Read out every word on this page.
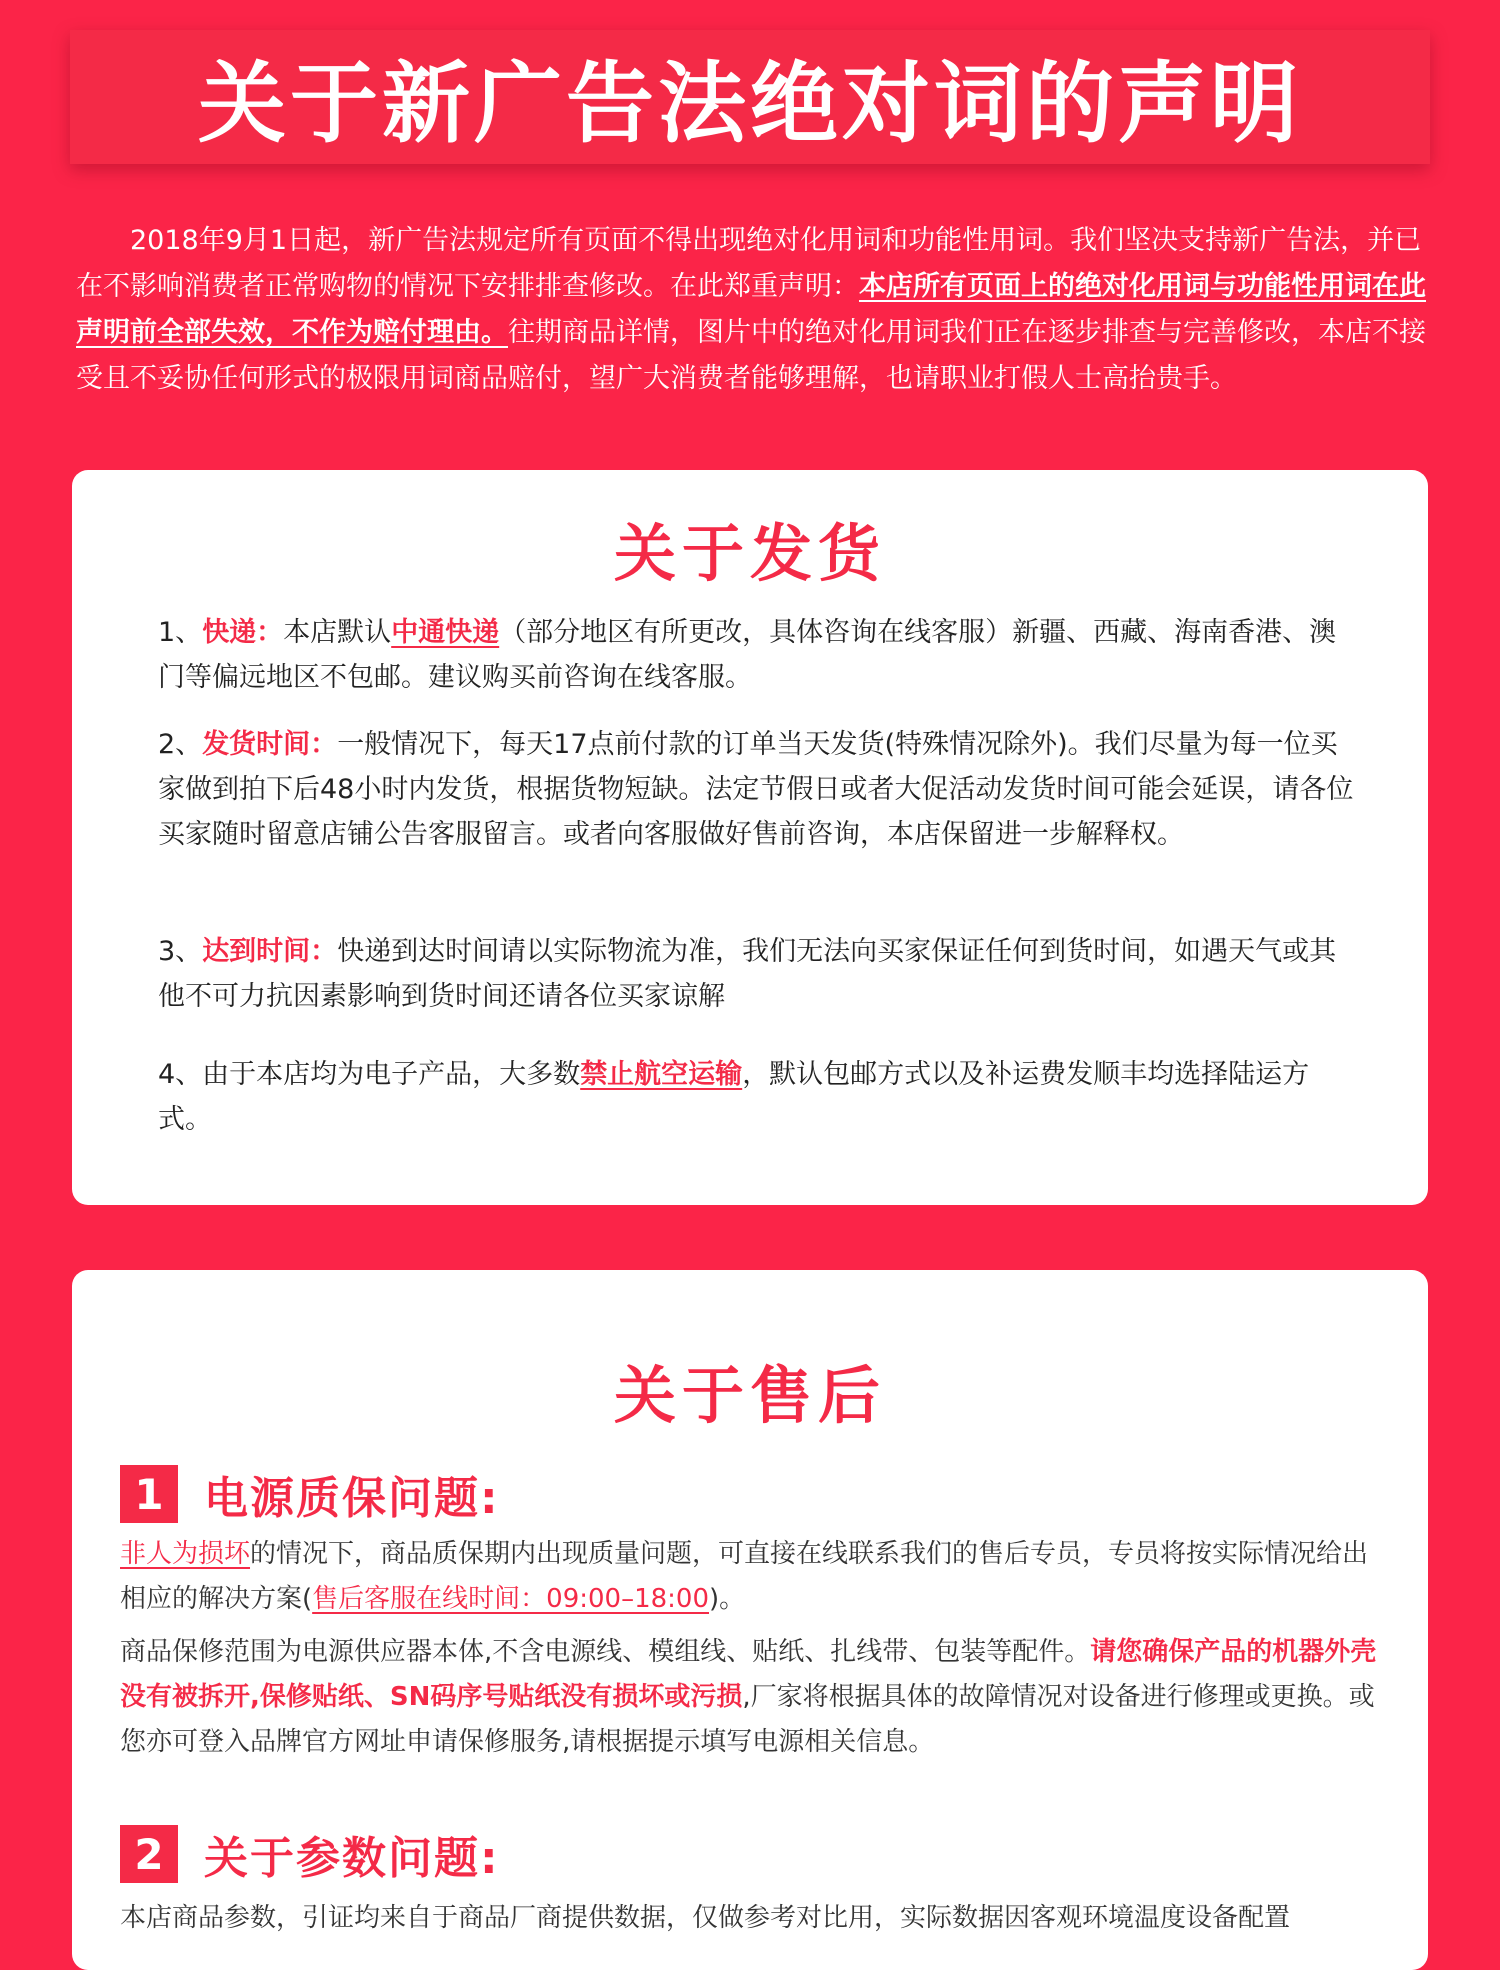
关于新广告法绝对词的声明
2018年9月1日起，新广告法规定所有页面不得出现绝对化用词和功能性用词。我们坚决支持新广告法，并已在不影响消费者正常购物的情况下安排排查修改。在此郑重声明：本店所有页面上的绝对化用词与功能性用词在此声明前全部失效，不作为赔付理由。往期商品详情，图片中的绝对化用词我们正在逐步排查与完善修改，本店不接受且不妥协任何形式的极限用词商品赔付，望广大消费者能够理解，也请职业打假人士高抬贵手。
关于发货
1、快递：本店默认中通快递（部分地区有所更改，具体咨询在线客服）新疆、西藏、海南香港、澳门等偏远地区不包邮。建议购买前咨询在线客服。
2、发货时间：一般情况下，每天17点前付款的订单当天发货(特殊情况除外)。我们尽量为每一位买家做到拍下后48小时内发货，根据货物短缺。法定节假日或者大促活动发货时间可能会延误，请各位买家随时留意店铺公告客服留言。或者向客服做好售前咨询，本店保留进一步解释权。
3、达到时间：快递到达时间请以实际物流为准，我们无法向买家保证任何到货时间，如遇天气或其他不可力抗因素影响到货时间还请各位买家谅解
4、由于本店均为电子产品，大多数禁止航空运输，默认包邮方式以及补运费发顺丰均选择陆运方式。
关于售后
1 电源质保问题:
非人为损坏的情况下，商品质保期内出现质量问题，可直接在线联系我们的售后专员，专员将按实际情况给出相应的解决方案(售后客服在线时间：09:00–18:00)。
商品保修范围为电源供应器本体,不含电源线、模组线、贴纸、扎线带、包装等配件。请您确保产品的机器外壳没有被拆开,保修贴纸、SN码序号贴纸没有损坏或污损,厂家将根据具体的故障情况对设备进行修理或更换。或您亦可登入品牌官方网址申请保修服务,请根据提示填写电源相关信息。
2 关于参数问题:
本店商品参数，引证均来自于商品厂商提供数据，仅做参考对比用，实际数据因客观环境温度设备配置
